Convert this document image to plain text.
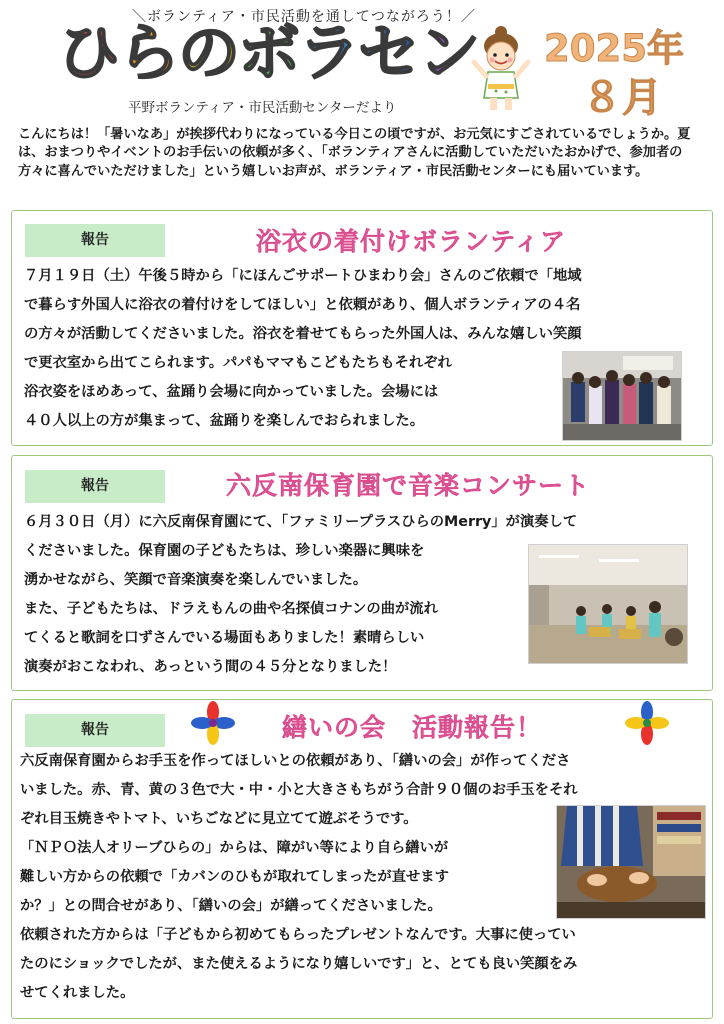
＼ボランティア・市民活動を通してつながろう！／
ひらのボラセン
平野ボランティア・市民活動センターだより
2025年
８月
こんにちは！「暑いなあ」が挨拶代わりになっている今日この頃ですが、お元気にすごされているでしょうか。夏は、おまつりやイベントのお手伝いの依頼が多く、「ボランティアさんに活動していただいたおかげで、参加者の方々に喜んでいただけました」という嬉しいお声が、ボランティア・市民活動センターにも届いています。
報告	浴衣の着付けボランティア
７月１９日（土）午後５時から「にほんごサポートひまわり会」さんのご依頼で「地域
で暮らす外国人に浴衣の着付けをしてほしい」と依頼があり、個人ボランティアの４名
の方々が活動してくださいました。浴衣を着せてもらった外国人は、みんな嬉しい笑顔
で更衣室から出てこられます。パパもママもこどもたちもそれぞれ
浴衣姿をほめあって、盆踊り会場に向かっていました。会場には
４０人以上の方が集まって、盆踊りを楽しんでおられました。
報告	六反南保育園で音楽コンサート
６月３０日（月）に六反南保育園にて、「ファミリープラスひらのMerry」が演奏して
くださいました。保育園の子どもたちは、珍しい楽器に興味を
湧かせながら、笑顔で音楽演奏を楽しんでいました。
また、子どもたちは、ドラえもんの曲や名探偵コナンの曲が流れ
てくると歌詞を口ずさんでいる場面もありました！素晴らしい
演奏がおこなわれ、あっという間の４５分となりました！
報告	繕いの会　活動報告！
六反南保育園からお手玉を作ってほしいとの依頼があり、「繕いの会」が作ってくださ
いました。赤、青、黄の３色で大・中・小と大きさもちがう合計９０個のお手玉をそれ
ぞれ目玉焼きやトマト、いちごなどに見立てて遊ぶそうです。
「ＮＰＯ法人オリーブひらの」からは、障がい等により自ら繕いが
難しい方からの依頼で「カバンのひもが取れてしまったが直せます
か？」との問合せがあり、「繕いの会」が繕ってくださいました。
依頼された方からは「子どもから初めてもらったプレゼントなんです。大事に使ってい
たのにショックでしたが、また使えるようになり嬉しいです」と、とても良い笑顔をみ
せてくれました。
